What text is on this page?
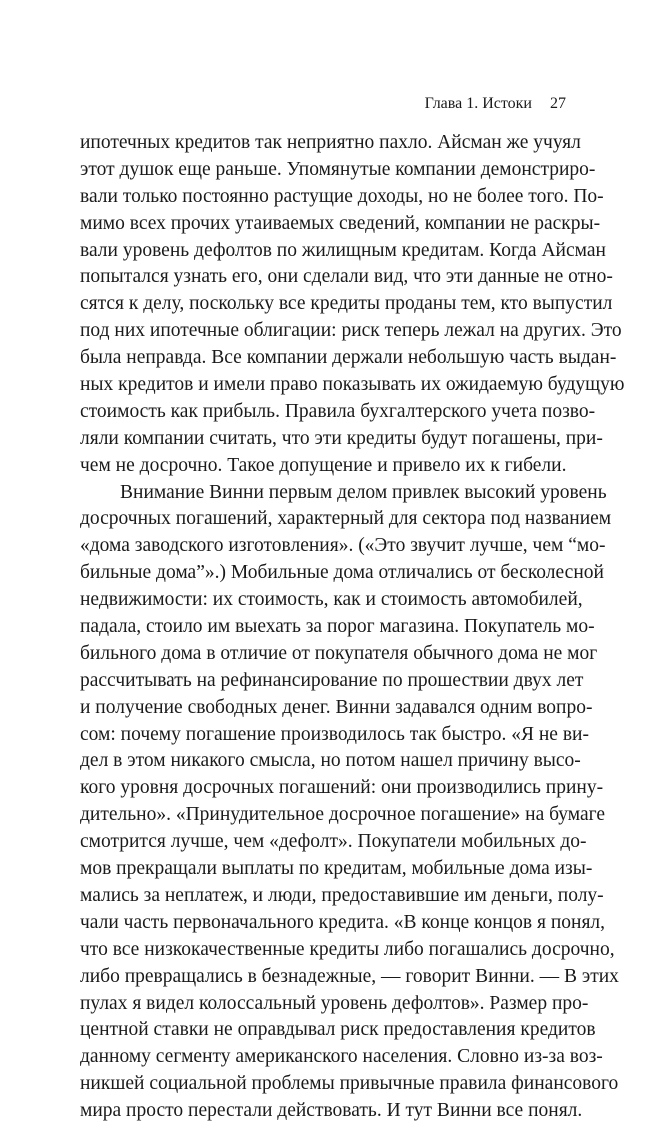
Глава 1. Истоки 27
ипотечных кредитов так неприятно пахло. Айсман же учуял
этот душок еще раньше. Упомянутые компании демонстриро-
вали только постоянно растущие доходы, но не более того. По-
мимо всех прочих утаиваемых сведений, компании не раскры-
вали уровень дефолтов по жилищным кредитам. Когда Айсман
попытался узнать его, они сделали вид, что эти данные не отно-
сятся к делу, поскольку все кредиты проданы тем, кто выпустил
под них ипотечные облигации: риск теперь лежал на других. Это
была неправда. Все компании держали небольшую часть выдан-
ных кредитов и имели право показывать их ожидаемую будущую
стоимость как прибыль. Правила бухгалтерского учета позво-
ляли компании считать, что эти кредиты будут погашены, при-
чем не досрочно. Такое допущение и привело их к гибели.
Внимание Винни первым делом привлек высокий уровень
досрочных погашений, характерный для сектора под названием
«дома заводского изготовления». («Это звучит лучше, чем “мо-
бильные дома”».) Мобильные дома отличались от бесколесной
недвижимости: их стоимость, как и стоимость автомобилей,
падала, стоило им выехать за порог магазина. Покупатель мо-
бильного дома в отличие от покупателя обычного дома не мог
рассчитывать на рефинансирование по прошествии двух лет
и получение свободных денег. Винни задавался одним вопро-
сом: почему погашение производилось так быстро. «Я не ви-
дел в этом никакого смысла, но потом нашел причину высо-
кого уровня досрочных погашений: они производились прину-
дительно». «Принудительное досрочное погашение» на бумаге
смотрится лучше, чем «дефолт». Покупатели мобильных до-
мов прекращали выплаты по кредитам, мобильные дома изы-
мались за неплатеж, и люди, предоставившие им деньги, полу-
чали часть первоначального кредита. «В конце концов я понял,
что все низкокачественные кредиты либо погашались досрочно,
либо превращались в безнадежные, — говорит Винни. — В этих
пулах я видел колоссальный уровень дефолтов». Размер про-
центной ставки не оправдывал риск предоставления кредитов
данному сегменту американского населения. Словно из-за воз-
никшей социальной проблемы привычные правила финансового
мира просто перестали действовать. И тут Винни все понял.
